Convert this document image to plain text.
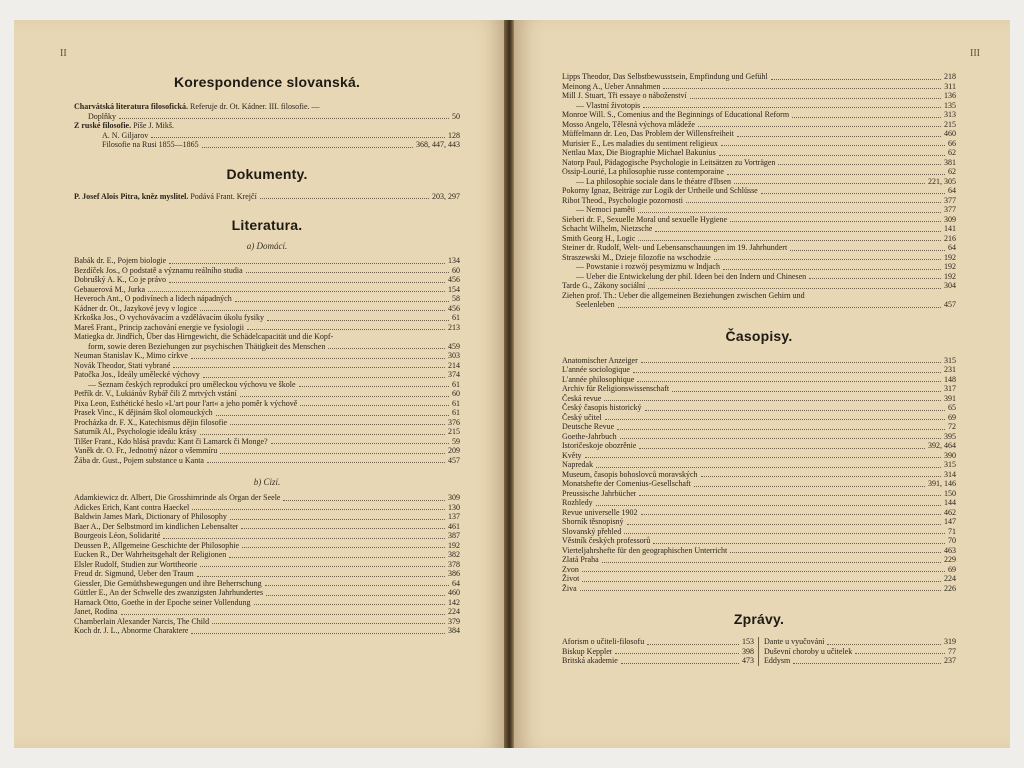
II
Korespondence slovanská.
Charvátská literatura filosofická. Referuje dr. Ot. Kádner. III. filosofie. —
Doplňky	50
Z ruské filosofie. Píše J. Mikš.
A. N. Giljarov	128
Filosofie na Rusi 1855—1865	368, 447, 443
Dokumenty.
P. Josef Alois Pitra, kněz myslitel. Podává Frant. Krejčí	203, 297
Literatura.
a) Domácí.
Babák dr. E., Pojem biologie	134
Bezdíček Jos., O podstatě a významu reálního studia	60
Dobrušký A. K., Co je právo	456
Gebauerová M., Jurka	154
Heveroch Ant., O podivínech a lidech nápadných	58
Kádner dr. Ot., Jazykové jevy v logice	456
Krkoška Jos., O vychovávacím a vzdělávacím úkolu fysiky	61
Mareš Frant., Princip zachování energie ve fysiologii	213
Matiegka dr. Jindřich, Über das Hirngewicht, die Schädelcapacität und die Kopf-
form, sowie deren Beziehungen zur psychischen Thätigkeit des Menschen	459
Neuman Stanislav K., Mimo církve	303
Novák Theodor, Stati vybrané	214
Patočka Jos., Ideály umělecké výchovy	374
— Seznam českých reprodukcí pro uměleckou výchovu ve škole	61
Petřík dr. V., Lukiánův Rybář čili Z mrtvých vstání	60
Pixa Leon, Esthétické heslo »L'art pour l'art« a jeho poměr k výchově	61
Prasek Vinc., K dějinám škol olomouckých	61
Procházka dr. F. X., Katechismus dějin filosofie	376
Saturník Al., Psychologie ideálu krásy	215
Tilšer Frant., Kdo hlásá pravdu: Kant či Lamarck či Monge?	59
Vaněk dr. O. Fr., Jednotný názor o všemmíru	209
Žába dr. Gust., Pojem substance u Kanta	457
b) Cizí.
Adamkiewicz dr. Albert, Die Grosshirnrinde als Organ der Seele	309
Adickes Erich, Kant contra Haeckel	130
Baldwin James Mark, Dictionary of Philosophy	137
Baer A., Der Selbstmord im kindlichen Lebensalter	461
Bourgeois Léon, Solidarité	387
Deussen P., Allgemeine Geschichte der Philosophie	192
Eucken R., Der Wahrheitsgehalt der Religionen	382
Elsler Rudolf, Studien zur Worttheorie	378
Freud dr. Sigmund, Ueber den Traum	386
Giessler, Die Gemüthsbewegungen und ihre Beherrschung	64
Güttler E., An der Schwelle des zwanzigsten Jahrhundertes	460
Harnack Otto, Goethe in der Epoche seiner Vollendung	142
Janet, Rodina	224
Chamberlain Alexander Narcis, The Child	379
Koch dr. J. L., Abnorme Charaktere	384
III
Lipps Theodor, Das Selbstbewusstsein, Empfindung und Gefühl	218
Meinong A., Ueber Annahmen	311
Mill J. Stuart, Tři essaye o náboženství	136
— Vlastní životopis	135
Monroe Will. S., Comenius and the Beginnings of Educational Reform	313
Mosso Angelo, Tělesná výchova mládeže	215
Müffelmann dr. Leo, Das Problem der Willensfreiheit	460
Murisier E., Les maladies du sentiment religieux	66
Nettlau Max, Die Biographie Michael Bakunius	62
Natorp Paul, Pädagogische Psychologie in Leitsätzen zu Vorträgen	381
Ossip-Lourié, La philosophie russe contemporaine	62
— La philosophie sociale dans le théatre d'Ibsen	221, 305
Pokorny Ignaz, Beiträge zur Logik der Urtheile und Schlüsse	64
Ribot Theod., Psychologie pozornosti	377
— Nemoci paměti	377
Sieberi dr. F., Sexuelle Moral und sexuelle Hygiene	309
Schacht Wilhelm, Nietzsche	141
Smith Georg H., Logic	216
Steiner dr. Rudolf, Welt- und Lebensanschauungen im 19. Jahrhundert	64
Straszewski M., Dzieje filozofie na wschodzie	192
— Powstanie i rozwój pesymizmu w Indjach	192
— Ueber die Entwickelung der phil. Ideen bei den Indern und Chinesen	192
Tarde G., Zákony sociální	304
Ziehen prof. Th.: Ueber die allgemeinen Beziehungen zwischen Gehirn und
Seelenleben	457
Časopisy.
Anatomischer Anzeiger	315
L'année sociologique	231
L'année philosophique	148
Archiv für Religionswissenschaft	317
Česká revue	391
Český časopis historický	65
Český učitel	69
Deutsche Revue	72
Goethe-Jahrbuch	395
Istoričeskoje obozrěnie	392, 464
Květy	390
Napredak	315
Museum, časopis bohoslovců moravských	314
Monatshefte der Comenius-Gesellschaft	391, 146
Preussische Jahrbücher	150
Rozhledy	144
Revue universelle 1902	462
Sborník těsnopisný	147
Slovanský přehled	71
Věstník českých professorů	70
Vierteljahrshefte für den geographischen Unterricht	463
Zlatá Praha	229
Zvon	69
Život	224
Živa	226
Zprávy.
Aforism o učiteli-filosofu	153
Biskup Keppler	398
Britská akademie	473
Dante u vyučování	319
Duševní choroby u učitelek	77
Eddysm	237
